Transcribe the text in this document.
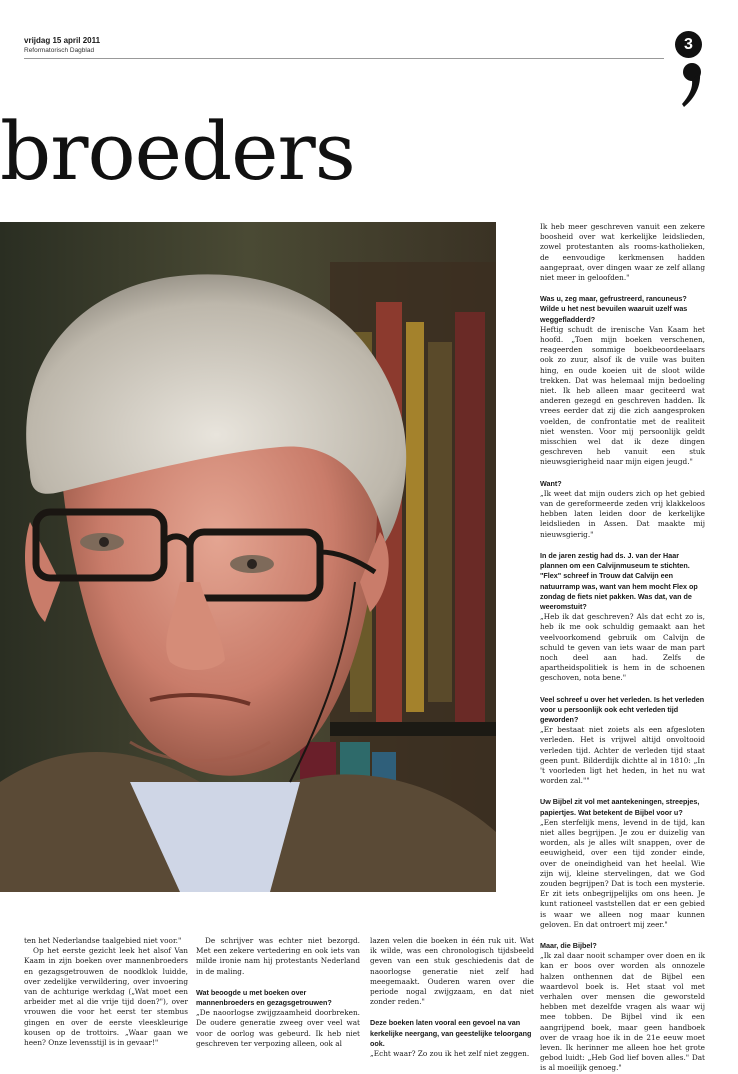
vrijdag 15 april 2011
Reformatorisch Dagblad	3
broeders

Ik heb meer geschreven vanuit een zekere boosheid over wat kerkelijke leidslieden, zowel protestanten als rooms-katholieken, de eenvoudige kerkmensen hadden aangepraat, over dingen waar ze zelf allang niet meer in geloofden."

Was u, zeg maar, gefrustreerd, rancuneus? Wilde u het nest bevuilen waaruit uzelf was weggefladderd?

Heftig schudt de irenische Van Kaam het hoofd. „Toen mijn boeken verschenen, reageerden sommige boekbeoordeelaars ook zo zuur, alsof ik de vuile was buiten hing, en oude koeien uit de sloot wilde trekken. Dat was helemaal mijn bedoeling niet. Ik heb alleen maar geciteerd wat anderen gezegd en geschreven hadden. Ik vrees eerder dat zij die zich aangesproken voelden, de confrontatie met de realiteit niet wensten. Voor mij persoonlijk geldt misschien wel dat ik deze dingen geschreven heb vanuit een stuk nieuwsgierigheid naar mijn eigen jeugd."

Want?

„Ik weet dat mijn ouders zich op het gebied van de gereformeerde zeden vrij klakkeloos hebben laten leiden door de kerkelijke leidslieden in Assen. Dat maakte mij nieuwsgierig."

In de jaren zestig had ds. J. van der Haar plannen om een Calvijnmuseum te stichten. "Flex" schreef in Trouw dat Calvijn een natuurramp was, want van hem mocht Flex op zondag de fiets niet pakken. Was dat, van de weeromstuit?

„Heb ik dat geschreven? Als dat echt zo is, heb ik me ook schuldig gemaakt aan het veelvoorkomend gebruik om Calvijn de schuld te geven van iets waar de man part noch deel aan had. Zelfs de apartheidspolitiek is hem in de schoenen geschoven, nota bene."

Veel schreef u over het verleden. Is het verleden voor u persoonlijk ook echt verleden tijd geworden?

„Er bestaat niet zoiets als een afgesloten verleden. Het is vrijwel altijd onvoltooid verleden tijd. Achter de verleden tijd staat geen punt. Bilderdijk dichtte al in 1810: „In 't voorleden ligt het heden, in het nu wat worden zal.""

Uw Bijbel zit vol met aantekeningen, streepjes, papiertjes. Wat betekent de Bijbel voor u?

„Een sterfelijk mens, levend in de tijd, kan niet alles begrijpen. Je zou er duizelig van worden, als je alles wilt snappen, over de eeuwigheid, over een tijd zonder einde, over de oneindigheid van het heelal. Wie zijn wij, kleine stervelingen, dat we God zouden begrijpen? Dat is toch een mysterie. Er zit iets onbegrijpelijks om ons heen. Je kunt rationeel vaststellen dat er een gebied is waar we alleen nog maar kunnen geloven. En dat ontroert mij zeer."

Maar, die Bijbel?

„Ik zal daar nooit schamper over doen en ik kan er boos over worden als onnozele halzen onthennen dat de Bijbel een waardevol boek is. Het staat vol met verhalen over mensen die geworsteld hebben met dezelfde vragen als waar wij mee tobben. De Bijbel vind ik een aangrijpend boek, maar geen handboek over de vraag hoe ik in de 21e eeuw moet leven. Ik herinner me alleen hoe het grote gebod luidt: „Heb God lief boven alles." Dat is al moeilijk genoeg."

ten het Nederlandse taalgebied niet voor."

Op het eerste gezicht leek het alsof Van Kaam in zijn boeken over mannenbroeders en gezagsgetrouwen de noodklok luidde, over zedelijke verwildering, over invoering van de achturige werkdag („Wat moet een arbeider met al die vrije tijd doen?"), over vrouwen die voor het eerst ter stembus gingen en over de eerste vleeskleurige kousen op de trottoirs. „Waar gaan we heen? Onze levensstijl is in gevaar!"

De schrijver was echter niet bezorgd. Met een zekere vertedering en ook iets van milde ironie nam hij protestants Nederland in de maling.

Wat beoogde u met boeken over mannenbroeders en gezagsgetrouwen?

„De naoorlogse zwijgzaamheid doorbreken. De oudere generatie zweeg over veel wat voor de oorlog was gebeurd. Ik heb niet geschreven ter verpozing alleen, ook al

lazen velen die boeken in één ruk uit. Wat ik wilde, was een chronologisch tijdsbeeld geven van een stuk geschiedenis dat de naoorlogse generatie niet zelf had meegemaakt. Ouderen waren over die periode nogal zwijgzaam, en dat niet zonder reden."

Deze boeken laten vooral een gevoel na van kerkelijke neergang, van geestelijke teloorgang ook.

„Echt waar? Zo zou ik het zelf niet zeggen.
